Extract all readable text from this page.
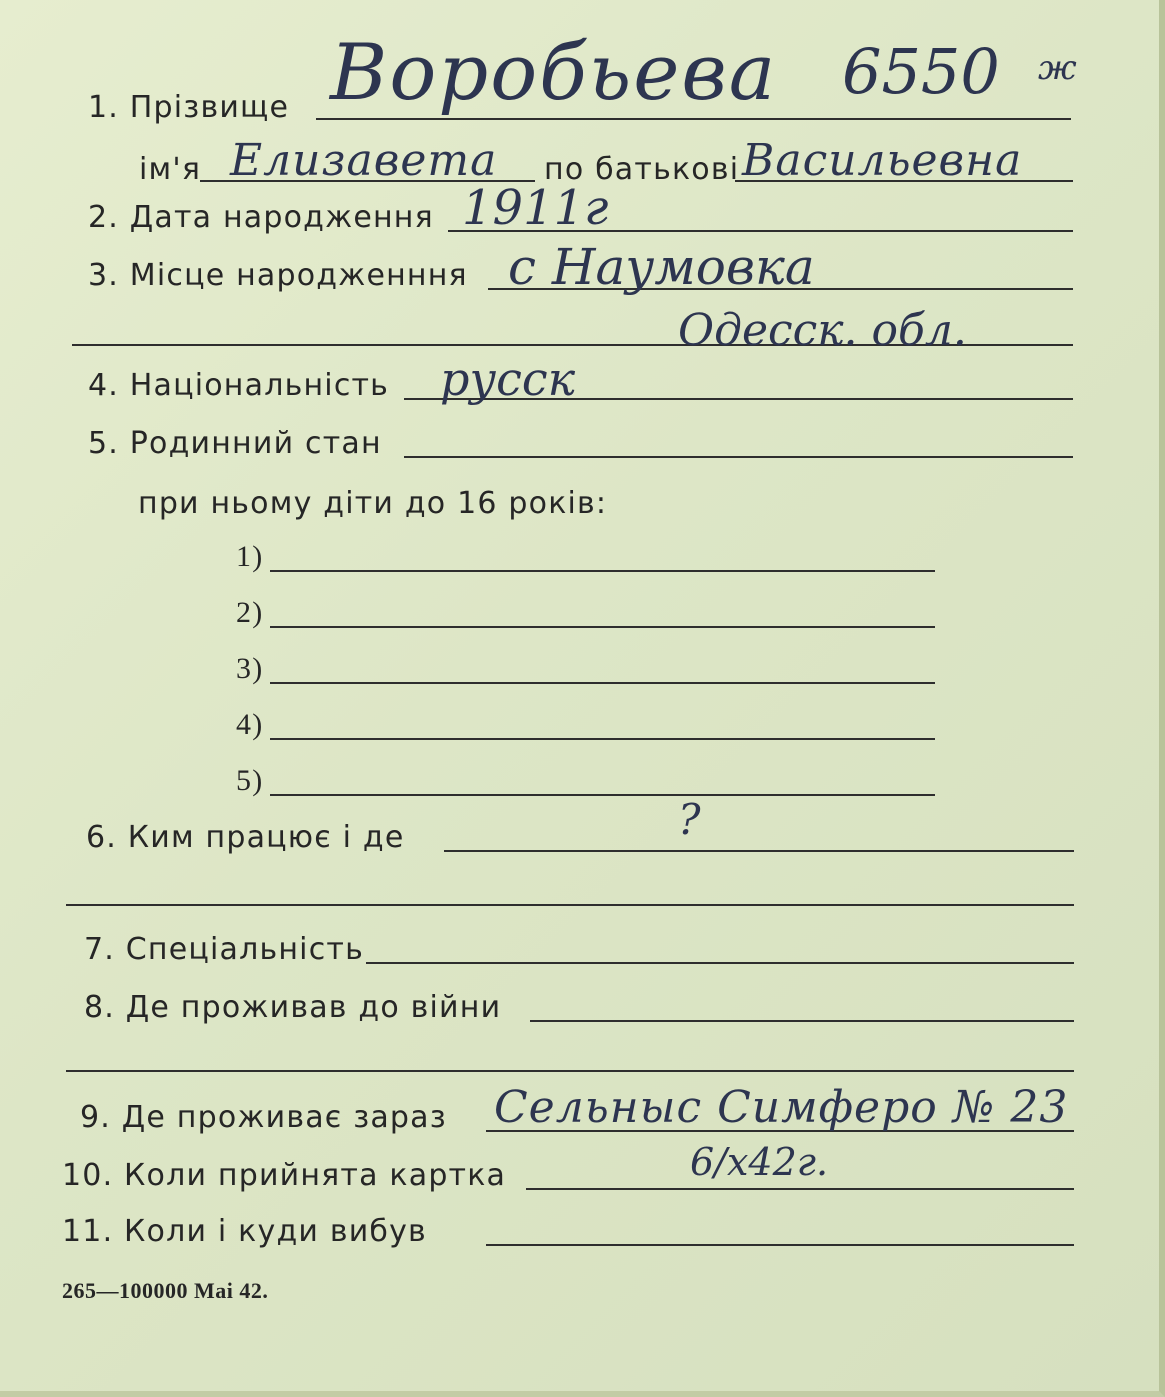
1. Прізвище Воробьева 6550 ж
ім'я Елизавета по батькові Васильевна
2. Дата народження 1911г
3. Місце народженння с Наумовка
Одесск. обл.
4. Національність русск
5. Родинний стан
при ньому діти до 16 років:
1)
2)
3)
4)
5)
6. Ким працює і де	?
7. Спеціальність
8. Де проживав до війни
9. Де проживає зараз Сельныс Симферо № 23
10. Коли прийнята картка	6/х42г.
11. Коли і куди вибув
265—100000 Mai 42.
